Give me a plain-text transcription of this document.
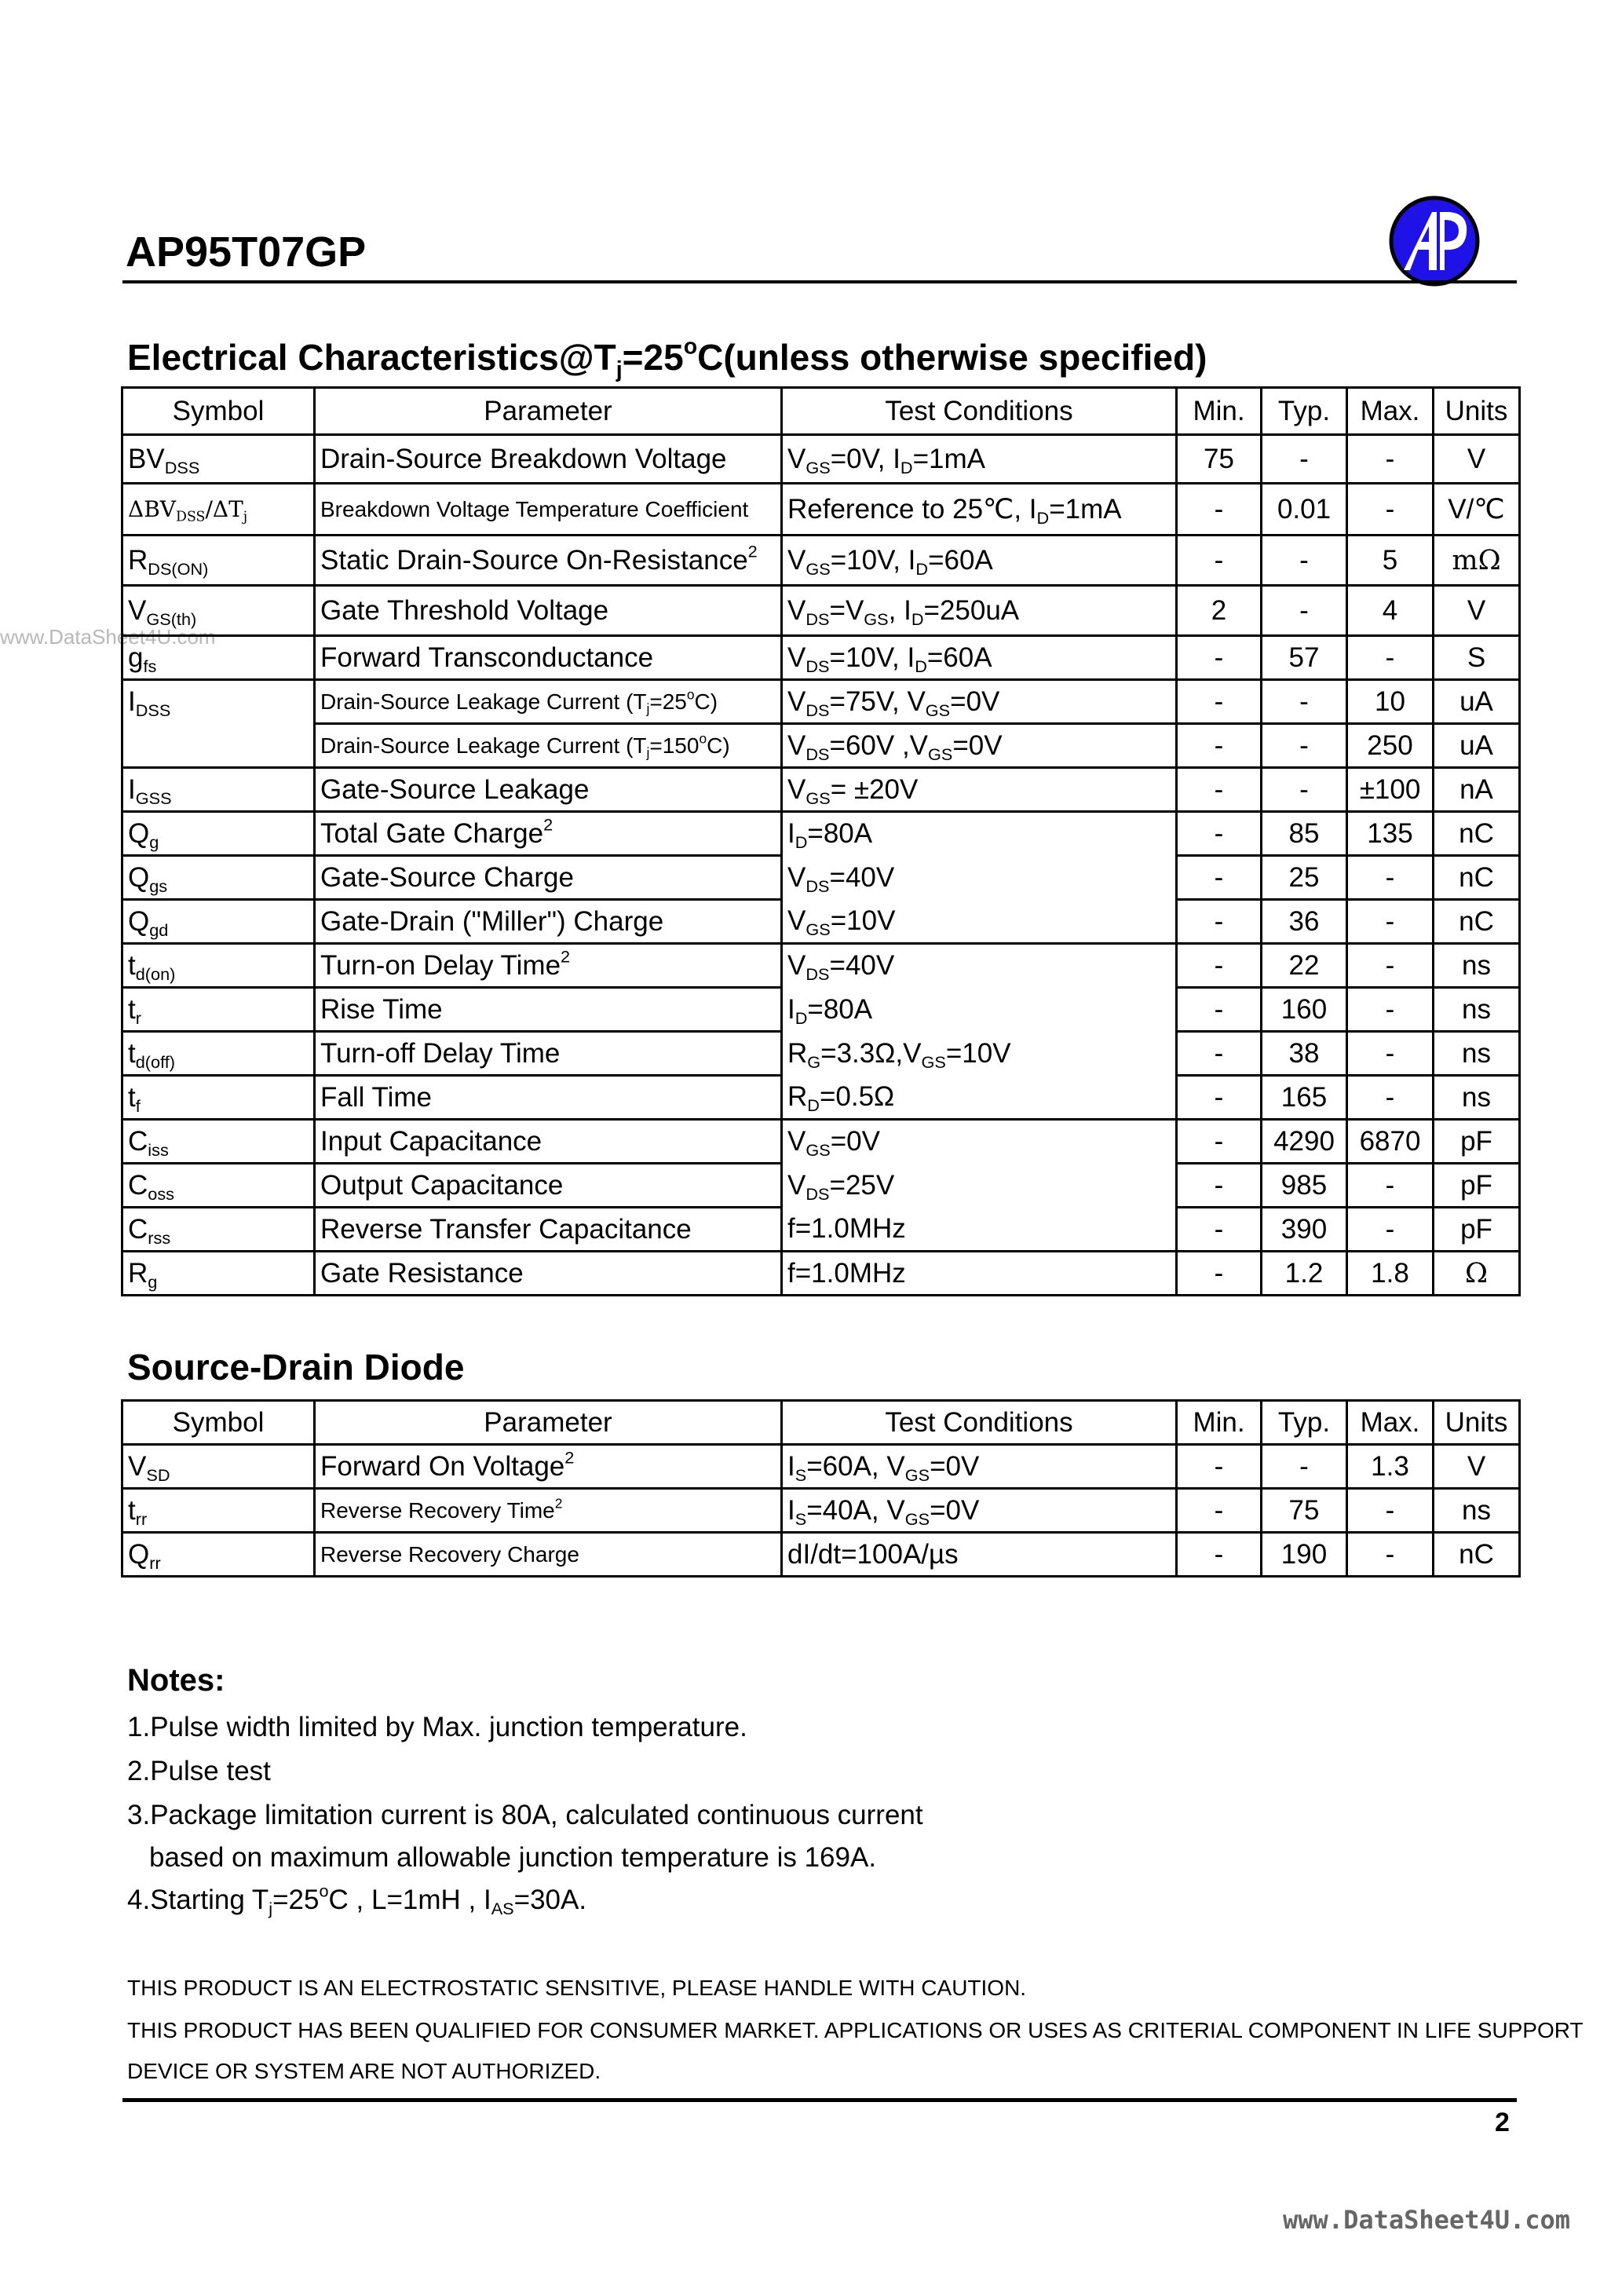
AP95T07GP
www.DataSheet4U.com
Electrical $Characteristics@T_j=25^oC(unless$ otherwise specified)
Symbol	Parameter	Test Conditions	Min.	Typ.	Max.	Units
$BV_{DSS}$	Drain-Source Breakdown Voltage	$V_{GS}=0V$, $I_D=1mA$	75	-	-	V
$\Delta BV_{DSS}/\Delta T_j$	Breakdown Voltage Temperature Coefficient	Reference to 25℃, $I_D=1mA$	-	0.01	-	V/℃
$R_{DS(ON)}$	Static Drain-Source On-Resistance$^2$	$V_{GS}=10V$, $I_D=60A$	-	-	5	mΩ
$V_{GS(th)}$	Gate Threshold Voltage	$V_{DS}=V_{GS}$, $I_D=250uA$	2	-	4	V
$g_{fs}$	Forward Transconductance	$V_{DS}=10V$, $I_D=60A$	-	57	-	S
$I_{DSS}$	Drain-Source Leakage Current $(T_j=25^oC)$	$V_{DS}=75V$, $V_{GS}=0V$	-	-	10	uA
	Drain-Source Leakage Current $(T_j=150^oC)$	$V_{DS}=60V$ $,V_{GS}=0V$	-	-	250	uA
$I_{GSS}$	Gate-Source Leakage	$V_{GS}= \pm 20V$	-	-	±100	nA
$Q_g$	Total Gate Charge$^2$	$I_D=80A$	-	85	135	nC
$Q_{gs}$	Gate-Source Charge	$V_{DS}=40V$	-	25	-	nC
$Q_{gd}$	Gate-Drain ("Miller") Charge	$V_{GS}=10V$	-	36	-	nC
$t_{d(on)}$	Turn-on Delay Time$^2$	$V_{DS}=40V$	-	22	-	ns
$t_r$	Rise Time	$I_D=80A$	-	160	-	ns
$t_{d(off)}$	Turn-off Delay Time	$R_G=3.3\Omega,V_{GS}=10V$	-	38	-	ns
$t_f$	Fall Time	$R_D=0.5\Omega$	-	165	-	ns
$C_{iss}$	Input Capacitance	$V_{GS}=0V$	-	4290	6870	pF
$C_{oss}$	Output Capacitance	$V_{DS}=25V$	-	985	-	pF
$C_{rss}$	Reverse Transfer Capacitance	f=1.0MHz	-	390	-	pF
$R_g$	Gate Resistance	f=1.0MHz	-	1.2	1.8	Ω
Source-Drain Diode
Symbol	Parameter	Test Conditions	Min.	Typ.	Max.	Units
$V_{SD}$	Forward On Voltage$^2$	$I_S=60A$, $V_{GS}=0V$	-	-	1.3	V
$t_{rr}$	Reverse Recovery Time$^2$	$I_S=40A$, $V_{GS}=0V$	-	75	-	ns
$Q_{rr}$	Reverse Recovery Charge	dI/dt=100A/µs	-	190	-	nC
Notes:
1.Pulse width limited by Max. junction temperature.
2.Pulse test
3.Package limitation current is 80A, calculated continuous current
based on maximum allowable junction temperature is 169A.
4.Starting $T_j=25^oC$ , L=1mH , $I_{AS}=30A$.
THIS PRODUCT IS AN ELECTROSTATIC SENSITIVE, PLEASE HANDLE WITH CAUTION.
THIS PRODUCT HAS BEEN QUALIFIED FOR CONSUMER MARKET. APPLICATIONS OR USES AS CRITERIAL COMPONENT IN LIFE SUPPORT
DEVICE OR SYSTEM ARE NOT AUTHORIZED.
2
www.DataSheet4U.com
